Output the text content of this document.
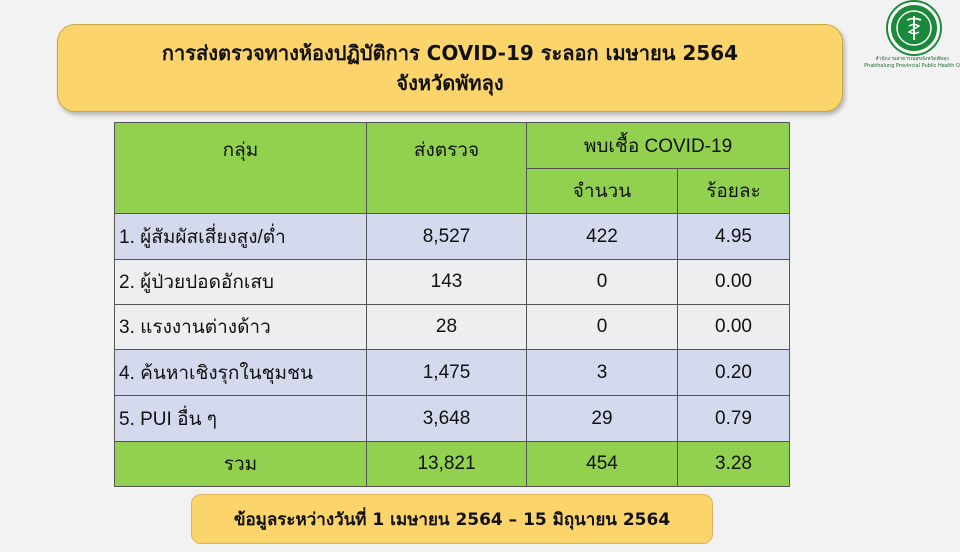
การส่งตรวจทางห้องปฏิบัติการ COVID-19 ระลอก เมษายน 2564
จังหวัดพัทลุง
สำนักงานสาธารณสุขจังหวัดพัทลุง
Phatthalung Provincial Public Health O
กลุ่ม	ส่งตรวจ	พบเชื้อ COVID-19	
		จำนวน	ร้อยละ
1. ผู้สัมผัสเสี่ยงสูง/ต่ำ	8,527	422	4.95
2. ผู้ป่วยปอดอักเสบ	143	0	0.00
3. แรงงานต่างด้าว	28	0	0.00
4. ค้นหาเชิงรุกในชุมชน	1,475	3	0.20
5. PUI อื่น ๆ	3,648	29	0.79
รวม	13,821	454	3.28
ข้อมูลระหว่างวันที่ 1 เมษายน 2564 – 15 มิถุนายน 2564
